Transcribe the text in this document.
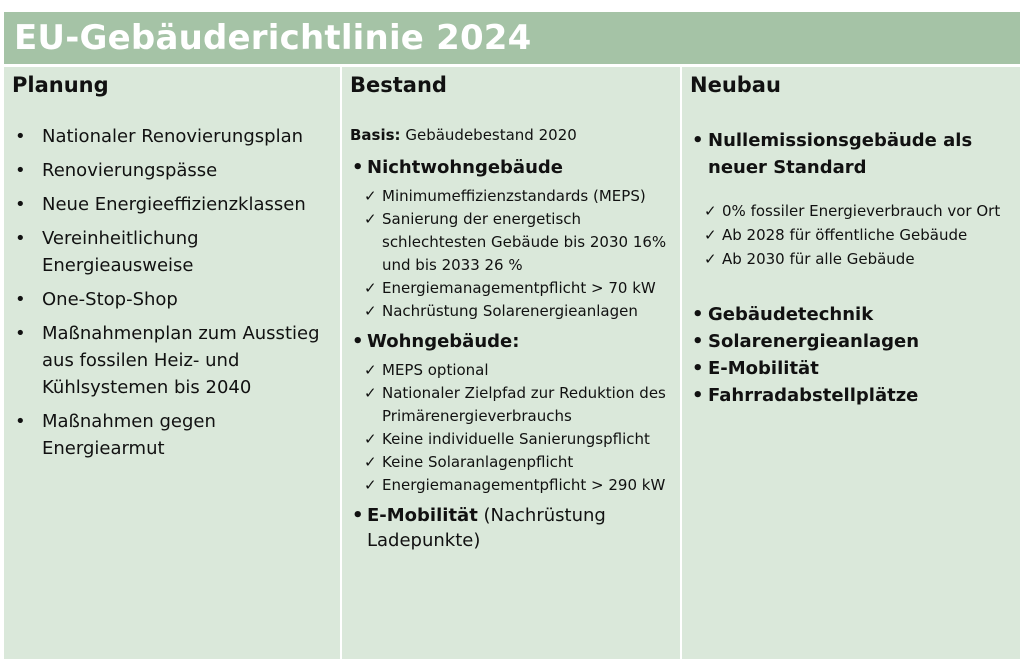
EU-Gebäuderichtlinie 2024
Planung
• Nationaler Renovierungsplan
• Renovierungspässe
• Neue Energieeffizienzklassen
• Vereinheitlichung Energieausweise
• One-Stop-Shop
• Maßnahmenplan zum Ausstieg aus fossilen Heiz- und Kühlsystemen bis 2040
• Maßnahmen gegen Energiearmut
Bestand
Basis: Gebäudebestand 2020
• Nichtwohngebäude
✓ Minimumeffizienzstandards (MEPS)
✓ Sanierung der energetisch schlechtesten Gebäude bis 2030 16% und bis 2033 26 %
✓ Energiemanagementpflicht > 70 kW
✓ Nachrüstung Solarenergieanlagen
• Wohngebäude:
✓ MEPS optional
✓ Nationaler Zielpfad zur Reduktion des Primärenergieverbrauchs
✓ Keine individuelle Sanierungspflicht
✓ Keine Solaranlagenpflicht
✓ Energiemanagementpflicht > 290 kW
• E-Mobilität (Nachrüstung Ladepunkte)
Neubau
• Nullemissionsgebäude als neuer Standard
✓ 0% fossiler Energieverbrauch vor Ort
✓ Ab 2028 für öffentliche Gebäude
✓ Ab 2030 für alle Gebäude
• Gebäudetechnik
• Solarenergieanlagen
• E-Mobilität
• Fahrradabstellplätze
